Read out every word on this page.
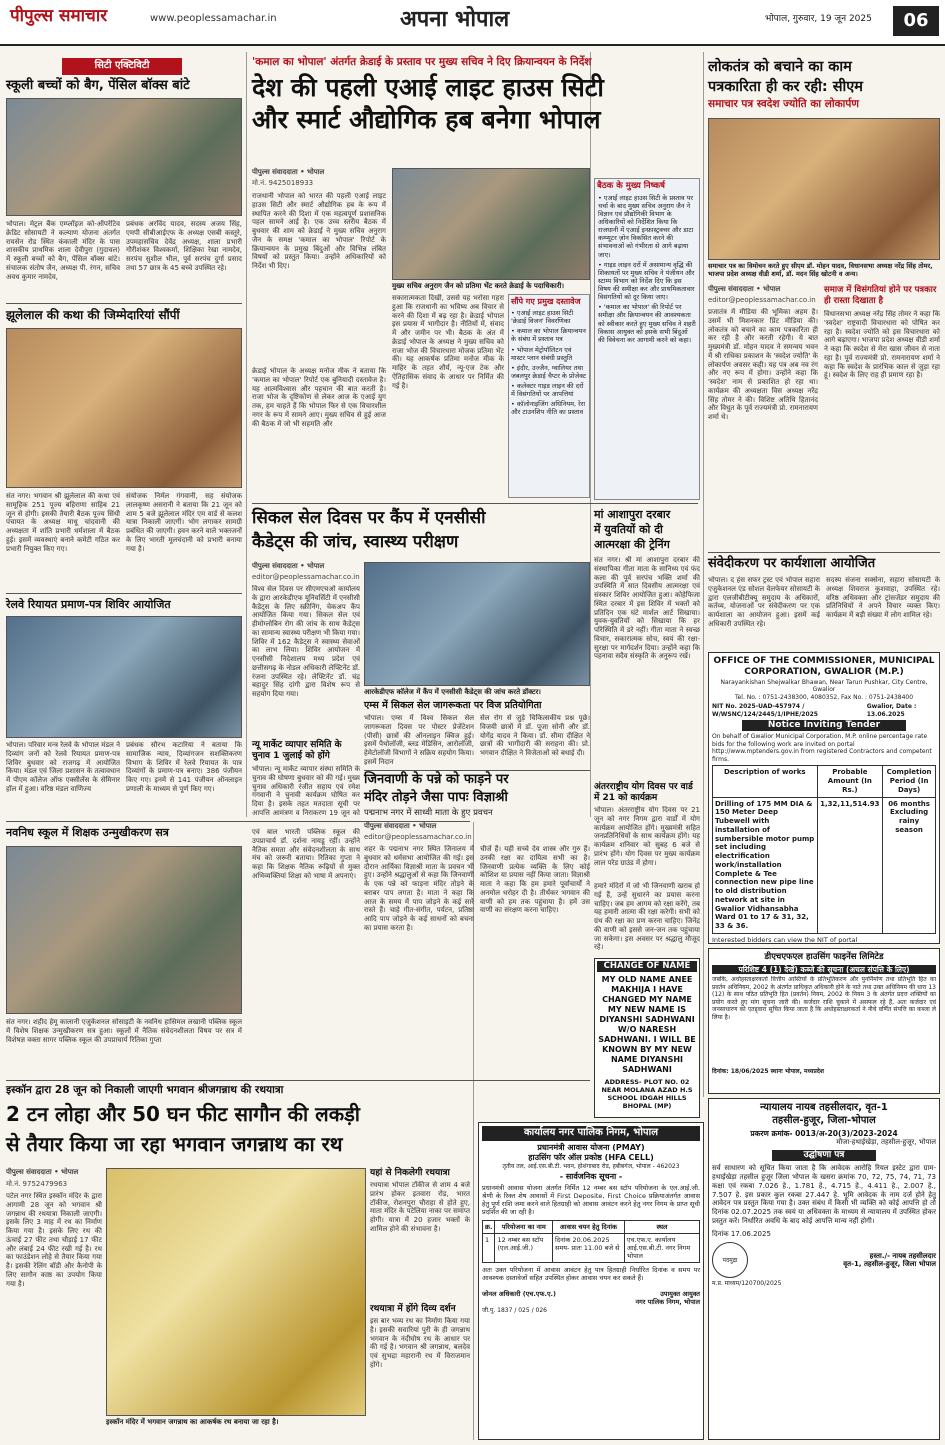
पीपुल्स समाचार	www.peoplessamachar.in	अपना भोपाल	भोपाल, गुरुवार, 19 जून 2025	06
सिटी एक्टिविटी
स्कूली बच्चों को बैग, पेंसिल बॉक्स बांटे
भोपाल। मेट्रल बैंक एम्प्लॉइज को-ऑपरेटिव क्रेडिट सोसायटी ने कल्याण योजना अंतर्गत रायसेन रोड स्थित कंकाली मंदिर के पास शासकीय प्राथमिक शाला देवीपुरा (गुदावल) में स्कूली बच्चों को बैग, पेंसिल बॉक्स बांटे। संचालक संतोष जैन, अध्यक्ष पी. रंगन, सचिव अवध कुमार नामदेव,
प्रबंधक अरविंद यादव, सदस्य अजय सिंह, एमपी सीबीआईएफ के अध्यक्ष एसबी कस्तूरे, उपमहासचिव देवेंद्र अध्यक्ष, शाला प्रभारी गौरीशंकर विश्वकर्मा, शिक्षिका रेखा नामदेव, सरपंच सुशील भील, पूर्व सरपंच दुर्गा प्रसाद तथा 57 छात्र के 45 बच्चे उपस्थित रहे।
झूलेलाल की कथा की जिम्मेदारियां सौंपीं
संत नगर। भगवान श्री झूलेलाल की कथा एवं सामूहिक 251 पूज्य बहिराणा साहिब 21 जून से होगी। इसकी तैयारी बैठक पूज्य सिंधी पंचायत के अध्यक्ष माधू चांदवानी की अध्यक्षता में शांति प्रभारी धर्मशाला में बैठक हुई। इसमें व्यवस्थाएं बनाने कमेटी गठित कर प्रभारी नियुक्त किए गए।
संयोजक निर्मल गंगवानी, सह संयोजक लालकृष्ण असरानी ने बताया कि 21 जून को शाम 5 बजे झूलेलाल मंदिर एम वार्ड से कलश यात्रा निकाली जाएगी। भोग लगाकर सामग्री प्रबंधित की जाएगी। हवन करने वाले भक्तजनों के लिए भारती मूलचंदानी को प्रभारी बनाया गया है।
रेलवे रियायत प्रमाण-पत्र शिविर आयोजित
भोपाल। परिवार मन्त्र रेलवे के भोपाल मंडल ने दिव्यांग जनों को रेलवे रियायत प्रमाण-पत्र शिविर बुधवार को राजगढ़ में आयोजित किया। मंडल एवं जिला प्रशासन के तत्वावधान में पीएम कॉलेज ऑफ एक्सीलेंस के सेमिनार हॉल में हुआ। वरिष्ठ मंडल वाणिज्य
प्रबंधक सौरभ कटारिया ने बताया कि सामाजिक न्याय, दिव्यांगजन सशक्तिकरण विभाग के शिविर में रेलवे रियायत के पात्र दिव्यांगों के प्रमाण-पत्र बनाए। 386 पंजीयन किए गए। इनमें से 141 पंजीयन ऑनलाइन प्रणाली के माध्यम से पूर्ण किए गए।
नवनिध स्कूल में शिक्षक उन्मुखीकरण सत्र
'कमाल का भोपाल' अंतर्गत क्रेडाई के प्रस्ताव पर मुख्य सचिव ने दिए क्रियान्वयन के निर्देश
देश की पहली एआई लाइट हाउस सिटी
और स्मार्ट औद्योगिक हब बनेगा भोपाल
पीपुल्स संवाददाता • भोपाल
मो.नं. 9425018933
राजधानी भोपाल को भारत की पहली एआई लाइट हाउस सिटी और स्मार्ट औद्योगिक हब के रूप में स्थापित करने की दिशा में एक महत्वपूर्ण प्रशासनिक पहल सामने आई है। एक उच्च स्तरीय बैठक में बुधवार की शाम को क्रेडाई ने मुख्य सचिव अनुराग जैन के समक्ष 'कमाल का भोपाल' रिपोर्ट के क्रियान्वयन के प्रमुख बिंदुओं और विभिन्न लंबित विषयों को प्रस्तुत किया। उन्होंने अधिकारियों को निर्देश भी दिए।
मुख्य सचिव अनुराग जैन को प्रतिमा भेंट करते क्रेडाई के पदाधिकारी।
क्रेडाई भोपाल के अध्यक्ष मनोज मीक ने बताया कि 'कमाल का भोपाल' रिपोर्ट एक बुनियादी दस्तावेज है। यह आत्मविश्वास और पहचान की बात करती है। राजा भोज के दृष्टिकोण से लेकर आज के एआई युग तक, हम चाहते हैं कि भोपाल फिर से एक विचारशील नगर के रूप में सामने आए। मुख्य सचिव से हुई आज की बैठक में जो भी सहमति और
सकारात्मकता दिखी, उससे यह भरोसा गहरा हुआ कि राजधानी का भविष्य अब विचार से करने की दिशा में बढ़ रहा है। क्रेडाई भोपाल इस प्रयास में भागीदार है। नीतियों में, संवाद में और जमीन पर भी। बैठक के अंत में क्रेडाई भोपाल के अध्यक्ष ने मुख्य सचिव को राजा भोज की विचारधारा मोजक प्रतिमा भेंट की। यह आकर्षक प्रतिमा मनोज मीक के माहिर के तहत शौर्य, न्यू-एज टेक और ऐतिहासिक संवाद के आधार पर निर्मित की गई है।
सौंपे गए प्रमुख दस्तावेज
• एआई लाइट हाउस सिटी 'क्रेडाई विजन' विवरणिका
• कमाल का भोपाल क्रियान्वयन के संबंध में प्रस्ताव पत्र
• भोपाल मेट्रोपॉलिटन एवं मास्टर प्लान संबंधी प्रस्तुति
• इंदौर, उज्जैन, ग्वालियर तथा जबलपुर क्रेडाई चैप्टर के प्रोजेक्ट
• कलेक्टर गाइड लाइन की दरों में विसंगतियों पर आपत्तियां
• कॉलोनाइजिंग अधिनियम, रेरा और टाउनशिप नीति का प्रस्ताव
बैठक के मुख्य निष्कर्ष
• एआई लाइट हाउस सिटी के प्रस्ताव पर चर्चा के बाद मुख्य सचिव अनुराग जैन ने विज्ञान एवं प्रौद्योगिकी विभाग के अधिकारियों को निर्देशित किया कि राजधानी में एआई इन्फ्रास्ट्रक्चर और डाटा कम्प्यूटर ज़ोन विकसित करने की संभावनाओं को गंभीरता से आगे बढ़ाया जाए।
• गाइड लाइन दरों में असामान्य वृद्धि की शिकायतों पर मुख्य सचिव ने पंजीयन और स्टाम्प विभाग को निर्देश दिए कि इस विषय की समीक्षा कर और प्राथमिकतावार विसंगतियों को दूर किया जाए।
• 'कमाल का भोपाल' की रिपोर्ट पर समीक्षा और क्रियान्वयन की आवश्यकता को स्वीकार करते हुए मुख्य सचिव ने शहरी विकास आयुक्त को इसके सभी बिंदुओं की विवेचना कर आगामी करने को कहा।
सिकल सेल दिवस पर कैंप में एनसीसी
कैडेट्स की जांच, स्वास्थ्य परीक्षण
पीपुल्स संवाददाता • भोपाल
editor@peoplessamachar.co.in
विश्व सेल दिवस पर सीएमएचओ कार्यालय के द्वारा आरकेडीएफ यूनिवर्सिटी में एनसीसी कैडेट्स के लिए स्क्रीनिंग, चेकअप कैंप आयोजित किया गया। सिकल सेल एवं हीमोग्लोबिन रोग की जांच के साथ कैडेट्स का सामान्य स्वास्थ्य परीक्षण भी किया गया। शिविर में 162 कैडेट्स ने स्वास्थ्य सेवाओं का लाभ लिया। शिविर आयोजन में एनसीसी निदेशालय मध्य प्रदेश एवं छत्तीसगढ़ के नोडल अधिकारी लेफ्टिनेंट डॉ. रंजना उपस्थित रहे। लेफ्टिनेंट डॉ. चंद्र बहादुर सिंह दांगी द्वारा विशेष रूप से सहयोग दिया गया।	आरकेडीएफ कॉलेज में कैंप में एनसीसी कैडेट्स की जांच करते डॉक्टर।
एम्स में सिकल सेल जागरूकता पर विज प्रतियोगिता
भोपाल। एम्स में विश्व सिकल सेल जागरूकता दिवस पर पोस्टर प्रेजेंटेशन (पीसी) छात्रों की ऑनलाइन क्विज हुई। इसमें पैथोलॉजी, ब्लड मेडिसिन, आरोलॉजी, हेमेटोलॉजी विभागों ने सक्रिय सहयोग किया। इसमें निदान
सेल रोग से जुड़े चिकित्सकीय प्रश्न पूछे। विजयी छात्रों में डॉ. पूजा सोनी और डॉ. योगेंद्र यादव ने किया। डॉ. सीमा दीक्षित ने छात्रों की भागीदारी की सराहना की। प्रो. भगवान दीक्षित ने विजेताओं को बधाई दी।
न्यू मार्केट व्यापार समिति के चुनाव 1 जुलाई को होंगे
भोपाल। न्यू मार्केट व्यापार संस्था समिति के चुनाव की घोषणा बुधवार को की गई। मुख्य चुनाव अधिकारी रंजीत सहाय एवं रमेश गंगवानी ने चुनावी कार्यक्रम घोषित कर दिया है। इसके तहत मतदाता सूची पर आपत्ति आमंत्रण व निराकरण 19 जून को
जिनवाणी के पन्ने को फाड़ने पर
मंदिर तोड़ने जैसा पापः विज्ञाश्री
पद्मनाभ नगर में साध्वी माता के हुए प्रवचन
लोकतंत्र को बचाने का काम
पत्रकारिता ही कर रही: सीएम
समाचार पत्र स्वदेश ज्योति का लोकार्पण
समाचार पत्र का विमोचन करते हुए सीएम डॉ. मोहन यादव, विधानसभा अध्यक्ष नरेंद्र सिंह तोमर, भाजपा प्रदेश अध्यक्ष वीडी शर्मा, डॉ. मदन सिंह खोटनी व अन्य।
पीपुल्स संवाददाता • भोपाल
editor@peoplessamachar.co.in
प्रजातंत्र में मीडिया की भूमिका अहम है। उसमें भी मिशनकार प्रिंट मीडिया की। लोकतंत्र को बचाने का काम पत्रकारिता ही कर रही है और करती रहेगी। ये बात मुख्यमंत्री डॉ. मोहन यादव ने समन्वय भवन में श्री राधिका प्रकाशन के 'स्वदेश ज्योति' के लोकार्पण अवसर कही। यह पत्र अब नव रंग और नए रूप में होगा। उन्होंने कहा कि 'स्वदेश' नाम से प्रकाशित हो रहा था। कार्यक्रम की अध्यक्षता विस अध्यक्ष नरेंद्र सिंह तोमर ने की। विशिष्ट अतिथि हितानंद और विधुत के पूर्व राज्यमंत्री प्रो. रामनारायण शर्मा थे।
समाज में विसंगतियां होने पर पत्रकार ही रास्ता दिखाता है
विधानसभा अध्यक्ष नरेंद्र सिंह तोमर ने कहा कि 'स्वदेश' राष्ट्रवादी विचारधारा को पोषित कर रहा है। स्वदेश ज्योति को इस विचारधारा को आगे बढ़ाएगा। भाजपा प्रदेश अध्यक्ष वीडी शर्मा ने कहा कि स्वदेश से मेरा खास जीवन से नाता रहा है। पूर्व राज्यमंत्री प्रो. रामनारायण शर्मा ने कहा कि स्वदेश के प्रारंभिक काल से जुड़ा रहा हूं। स्वदेश के लिए राह ही प्रमाण रहा है।
मां आशापुरा दरबार
में युवतियों को दी
आत्मरक्षा की ट्रेनिंग
संत नगर। श्री मां आशापुरा दरबार की संस्थापिका गीता माता के सानिध्य एवं फंद कला की पूर्व सरपंच भक्ति शर्मा की उपस्थिति में सात दिवसीय आत्मरक्षा एवं संस्कार शिविर आयोजित हुआ। कोहेफिजा स्थित दरबार में इस शिविर में भक्तों को प्रतिदिन एक घंटे मार्शल आर्ट सिखाया। युवक-युवतियों को सिखाया कि हर परिस्थिति में डरे नहीं। गीता माता ने स्वच्छ विचार, सकारात्मक सोच, स्वयं की रक्षा-सुरक्षा पर मार्गदर्शन दिया। उन्होंने कहा कि पहनावा सदैव संस्कृति के अनुरूप रखें।
अंतरराष्ट्रीय योग दिवस पर वार्ड में 21 को कार्यक्रम
भोपाल। अंतरराष्ट्रीय योग दिवस पर 21 जून को नगर निगम द्वारा वार्डों में योग कार्यक्रम आयोजित होंगे। मुख्यमंत्री सहित जनप्रतिनिधियों के साथ कार्यक्रम होंगे। यह कार्यक्रम शनिवार को सुबह 6 बजे से प्रारंभ होंगे। योग दिवस पर मुख्य कार्यक्रम लाल परेड ग्राउंड में होगा।
संवेदीकरण पर कार्यशाला आयोजित
भोपाल। द हंस सफर ट्रस्ट एवं भोपाल सहारा एजुकेशनल एंड सोशल वेलफेयर सोसायटी के द्वारा एलजीबीटीक्यू समुदाय के अधिकारों, कर्तव्य, योजनाओं पर संवेदीकरण पर एक कार्यशाला का आयोजन हुआ। इसमें कई अधिकारी उपस्थित रहे।
सदस्य संजना सक्सेना, सहारा सोसायटी के अध्यक्ष शिवराज कुशवाहा, उपस्थित रहे। वरिष्ठ अधिवक्ता और ट्रांसजेंडर समुदाय की प्रतिनिधियों ने अपने विचार व्यक्त किए। कार्यक्रम में बड़ी संख्या में लोग शामिल रहे।
OFFICE OF THE COMMISSIONER, MUNICIPAL
CORPORATION, GWALIOR (M.P.)
Narayankishan Shejwalkar Bhawan, Near Tarun Pushkar, City Centre, Gwalior
Tel. No. : 0751-2438300, 4080352, Fax No. : 0751-2438400
NIT No. 2025-UAD-457974 / W/WSNC/124/2445/1/IPHE/2025
Gwalior, Date : 13.06.2025
Notice Inviting Tender
On behalf of Gwalior Municipal Corporation, M.P. online percentage rate bids for the following work are invited on portal http://www.mptenders.gov.in from registered Contractors and competent firms.
Description of works	Probable Amount (In Rs.)	Completion Period (In Days)
Drilling of 175 MM DIA & 150 Meter Deep Tubewell with installation of sumbersible motor pump set including electrification work/installation Complete & Tee connection new pipe line to old distribution network at site in Gwalior Vidhansabha Ward 01 to 17 & 31, 32, 33 & 36.	1,32,11,514.93	06 months Excluding rainy season
Interested bidders can view the NIT of portal
डीएचएफएल हाउसिंग फाइनेंस लिमिटेड
परिशिष्ट 4 (1) देखें) कब्जे की सूचना (अचल संपत्ति के लिए)
जबकि, अधोहस्ताक्षरकर्ता वित्तीय आस्तियों के प्रतिभूतिकरण और पुनर्निर्माण तथा प्रतिभूति हित का प्रवर्तन अधिनियम, 2002 के अंतर्गत प्राधिकृत अधिकारी होने के नाते तथा उक्त अधिनियम की धारा 13 (12) के साथ पठित प्रतिभूति हित (प्रवर्तन) नियम, 2002 के नियम 3 के अंतर्गत प्रदत्त शक्तियों का प्रयोग करते हुए मांग सूचना जारी की। कर्जदार राशि चुकाने में असफल रहे हैं, अतः कर्जदार एवं जनसाधारण को एतद्द्वारा सूचित किया जाता है कि अधोहस्ताक्षरकर्ता ने नीचे वर्णित संपत्ति का कब्जा ले लिया है।
दिनांक: 18/06/2025 स्थानः भोपाल, मध्यप्रदेश
CHANGE OF NAME
MY OLD NAME ANEE MAKHIJA I HAVE CHANGED MY NAME MY NEW NAME IS DIYANSHI SADHWANI W/O NARESH SADHWANI. I WILL BE KNOWN BY MY NEW NAME DIYANSHI SADHWANI
ADDRESS- PLOT NO. 02 NEAR MOLANA AZAD H.S SCHOOL IDGAH HILLS BHOPAL (MP)
पीपुल्स संवाददाता • भोपाल
editor@peoplessamachar.co.in
शहर के पद्मनाभ नगर स्थित जिनालय में बुधवार को धर्मसभा आयोजित की गई। इस दौरान आर्यिका विज्ञाश्री माता के प्रवचन भी हुए। उन्होंने श्रद्धालुओं से कहा कि जिनवाणी के एक पन्ने को फाड़ना मंदिर तोड़ने के बराबर पाप लगता है। माता ने कहा कि आज के समय में पाप जोड़ने के कई सारे रास्ते हैं। चाहे गीत-संगीत, पर्यटन, प्रतिष्ठा आदि पाप जोड़ने के कई साधनों को बचना का प्रयास करता है।
चीजें हैं। यही सच्चे देव शास्त्र और गुरु हैं। उनकी रक्षा का दायित्व सभी का है। जिनवाणी प्रत्येक व्यक्ति के लिए कोई कोशिश या प्रयास नहीं किया जाता। विज्ञाश्री माता ने कहा कि हम हमारे पूर्वाचार्यों ने अनमोल धरोहर दी है। तीर्थंकर भगवान की वाणी को हम तक पहुंचाया है। हमें उस वाणी का संरक्षण करना चाहिए।
हमारे मंदिरों में जो भी जिनवाणी खराब हो गई हैं, उन्हें सुधारने का प्रयास करना चाहिए। जब हम आगम को रक्षा करेंगे, तब यह हमारी आत्मा की रक्षा करेगी। सभी को ग्रंथ की रक्षा का प्रण करना चाहिए। जिनेंद्र की वाणी को इससे जन-जन तक पहुंचाया जा सकेगा। इस अवसर पर श्रद्धालु मौजूद रहे।
एवं बाल भारती पब्लिक स्कूल की उपप्राचार्य डॉ. दर्शना नायडू रहीं। उन्होंने नैतिक समता और संवेदनशीलता के साथ मंच को जरूरी बताया। रितिका गुप्ता ने कहा कि शिक्षक नैतिक रूढ़ियों से मुक्त अभिव्यक्तियां शिक्षा को भाषा में अपनाएं।
संत नगर। शहीद हेमू कालानी एजुकेशनल सोसाइटी के नवनिध हासिमल लखानी पब्लिक स्कूल में विशेष शिक्षक उन्मुखीकरण सत्र हुआ। स्कूलों में नैतिक संवेदनशीलता विषय पर सत्र में विशेषज्ञ वक्ता सागर पब्लिक स्कूल की उपप्राचार्य रितिका गुप्ता
इस्कॉन द्वारा 28 जून को निकाली जाएगी भगवान श्रीजगन्नाथ की रथयात्रा
2 टन लोहा और 50 घन फीट सागौन की लकड़ी
से तैयार किया जा रहा भगवान जगन्नाथ का रथ
पीपुल्स संवाददाता • भोपाल
मो.नं. 9752479963
पटेल नगर स्थित इस्कॉन मंदिर के द्वारा आगामी 28 जून को भगवान श्री जगन्नाथ की रथयात्रा निकाली जाएगी। इसके लिए 3 माह में रथ का निर्माण किया गया है। इसके लिए रथ की ऊंचाई 27 फीट तथा चौड़ाई 17 फीट और लंबाई 24 फीट रखी गई है। रथ का फाउंडेशन लोहे से तैयार किया गया है। इसकी रेलिंग बॉडी और कैनोपी के लिए सागौन काष्ठ का उपयोग किया गया है।
इस्कॉन मंदिर में भगवान जगन्नाथ का आकर्षक रथ बनाया जा रहा है।
यहां से निकलेगी रथयात्रा
रथयात्रा भोपाल टॉकीज से शाम 4 बजे प्रारंभ होकर इतवारा रोड, भारत टॉकीज, रोशनपुरा चौराहा से होते हुए, माता मंदिर के पटेलिया नाका पर समाप्त होगी। यात्रा में 20 हजार भक्तों के शामिल होने की संभावना है।
रथयात्रा में होंगे दिव्य दर्शन
इस बार भव्य रथ का निर्माण किया गया है। इसकी सवारियां पुरी के ही जगन्नाथ भगवान के नंदीघोष रथ के आधार पर की गई है। भगवान श्री जगन्नाथ, बलदेव एवं सुभद्रा महारानी रथ में विराजमान होंगे।
कार्यालय नगर पालिक निगम, भोपाल
प्रधानमंत्री आवास योजना (PMAY)
हाउसिंग फॉर ऑल प्रकोष्ठ (HFA CELL)
तृतीय तल, आई.एस.बी.टी. भवन, होशंगाबाद रोड, हबीबगंज, भोपाल - 462023
- सार्वजनिक सूचना -
प्रधानमंत्री आवास योजना अंतर्गत निर्मित 12 नम्बर बस स्टॉप परियोजना के एल.आई.जी. श्रेणी के रिक्त शेष आवासों में First Deposite, First Choice प्रक्रियाअंतर्गत आवास हेतु पूर्ण राशि जमा करने वाले हितग्राही को आवास आवंटन करने हेतु नगर निगम के प्राप्त सूची प्रदर्शित की जा रही है।
क्र.	परियोजना का नाम	आवास चयन हेतु दिनांक	स्थल
1	12 नम्बर बस स्टॉप (एल.आई.जी.)	दिनांक 20.06.2025 समय- प्रातः 11.00 बजे से	एच.एफ.ए. कार्यालय आई.एस.बी.टी. नगर निगम भोपाल
अतः उक्त परियोजना में आवास आवंटन हेतु पात्र हितग्राही निर्धारित दिनांक व समय पर आवश्यक दस्तावेजों सहित उपस्थित होकर आवास चयन कर सकते हैं।
जोनल अधिकारी (एच.एफ.ए.)	उपायुक्त आयुक्त
नगर पालिक निगम, भोपाल
जी.पु. 1837 / 025 / 026
न्यायालय नायब तहसीलदार, वृत-1
तहसील-हुजूर, जिला-भोपाल
प्रकरण क्रमांक- 0013/अ-20(3)/2023-2024
मौजा-हथाईखेड़ा, तहसील-हुजूर, भोपाल
उद्घोषणा पत्र
सर्व साधारण को सूचित किया जाता है कि आवेदक आरोहि रियल इस्टेट द्वारा ग्राम-हथाईखेड़ा तहसील हुजूर जिला भोपाल के खसरा क्रमांक 70, 72, 75, 74, 71, 73 कक्षा एवं रकबा 7.026 हे., 1.781 हे., 4.715 हे., 4.411 हे., 2.007 हे., 7.507 हे. इस प्रकार कुल रकबा 27.447 हे. भूमि आवेदक के नाम दर्ज होने हेतु आवेदन पत्र प्रस्तुत किया गया है। उक्त संबंध में किसी भी व्यक्ति को कोई आपत्ति हो तो दिनांक 02.07.2025 तक स्वयं या अधिवक्ता के माध्यम से न्यायालय में उपस्थित होकर प्रस्तुत करें। निर्धारित अवधि के बाद कोई आपत्ति मान्य नहीं होगी।
दिनांक 17.06.2025
पदमुद्रा
हस्ता./- नायब तहसीलदार
वृत-1, तहसील-हुजूर, जिला भोपाल
म.प्र. माध्यम/120700/2025
